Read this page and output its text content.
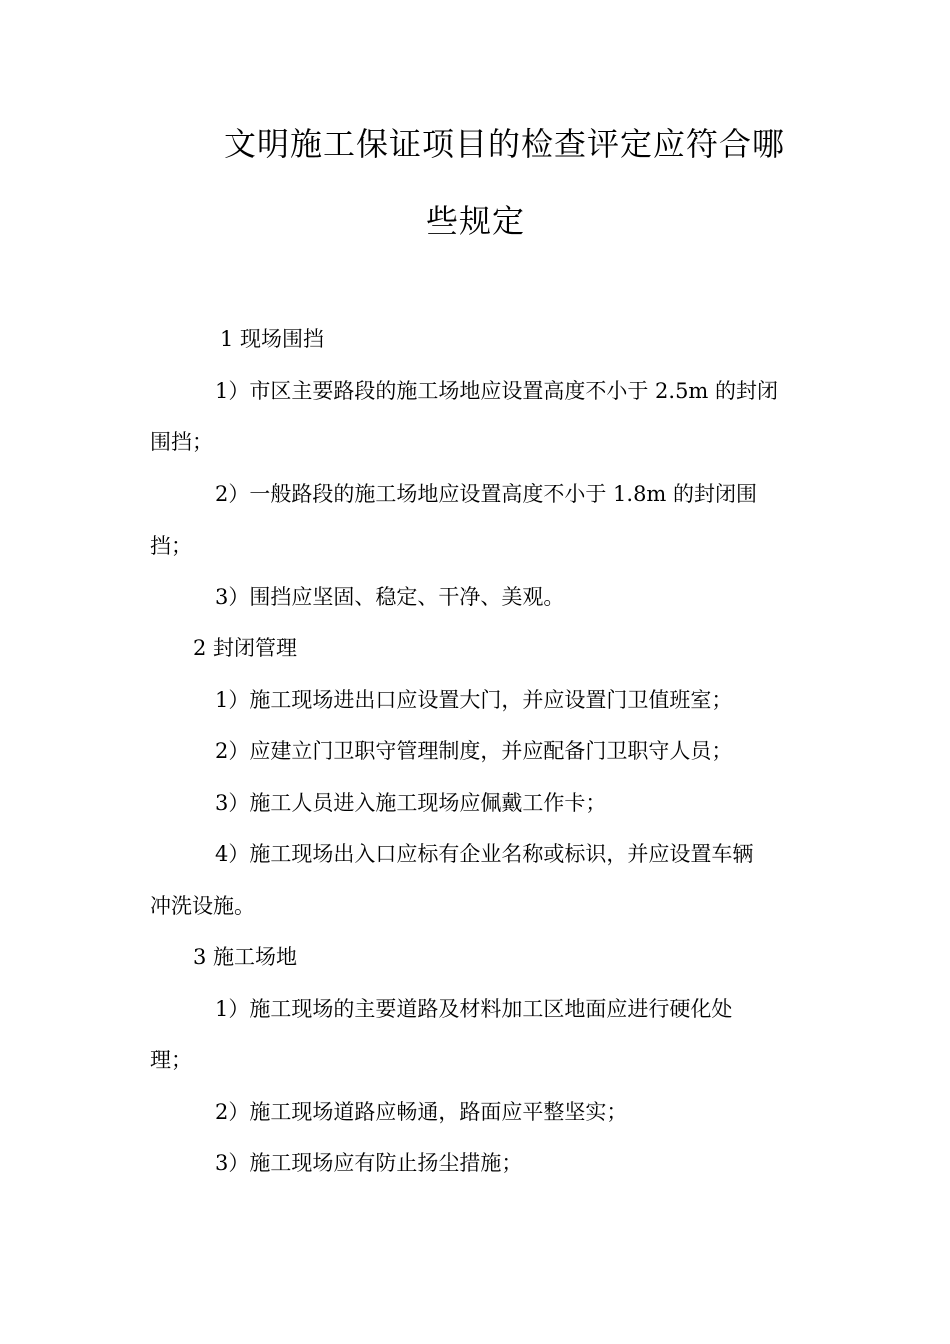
文明施工保证项目的检查评定应符合哪
些规定
1 现场围挡
1）市区主要路段的施工场地应设置高度不小于 2.5m 的封闭
围挡；
2）一般路段的施工场地应设置高度不小于 1.8m 的封闭围
挡；
3）围挡应坚固、稳定、干净、美观。
2 封闭管理
1）施工现场进出口应设置大门，并应设置门卫值班室；
2）应建立门卫职守管理制度，并应配备门卫职守人员；
3）施工人员进入施工现场应佩戴工作卡；
4）施工现场出入口应标有企业名称或标识，并应设置车辆
冲洗设施。
3 施工场地
1）施工现场的主要道路及材料加工区地面应进行硬化处
理；
2）施工现场道路应畅通，路面应平整坚实；
3）施工现场应有防止扬尘措施；
